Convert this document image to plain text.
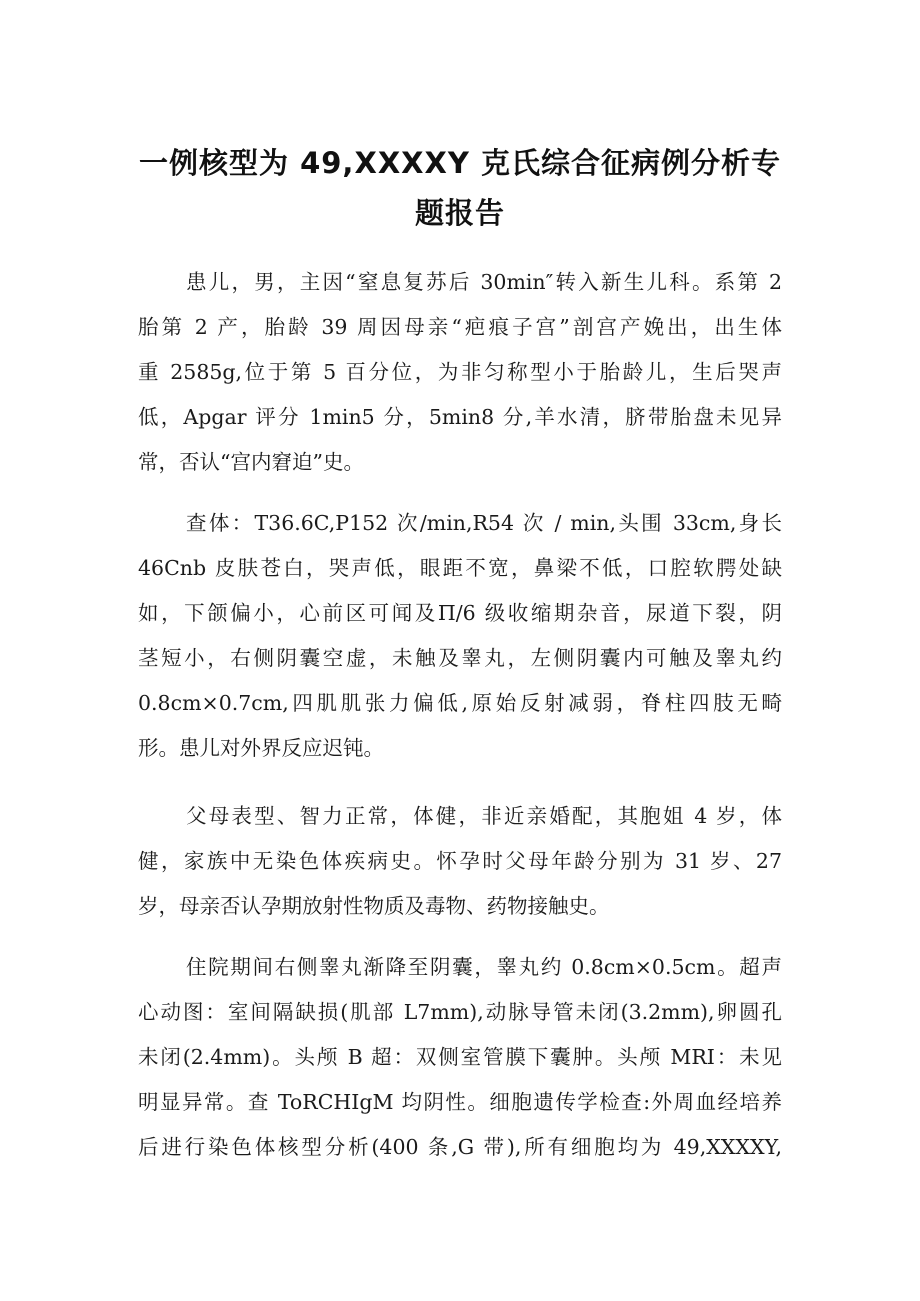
一例核型为 49,XXXXY 克氏综合征病例分析专
题报告
患儿，男，主因“窒息复苏后 30min″转入新生儿科。系第 2
胎第 2 产，胎龄 39 周因母亲“疤痕子宫”剖宫产娩出，出生体
重 2585g,位于第 5 百分位，为非匀称型小于胎龄儿，生后哭声
低，Apgar 评分 1min5 分，5min8 分,羊水清，脐带胎盘未见异
常，否认“宫内窘迫”史。
查体：T36.6C,P152 次/min,R54 次 / min,头围 33cm,身长
46Cnb 皮肤苍白，哭声低，眼距不宽，鼻梁不低，口腔软腭处缺
如，下颌偏小，心前区可闻及Π/6 级收缩期杂音，尿道下裂，阴
茎短小，右侧阴囊空虚，未触及睾丸，左侧阴囊内可触及睾丸约
0.8cm×0.7cm,四肌肌张力偏低,原始反射减弱，脊柱四肢无畸
形。患儿对外界反应迟钝。
父母表型、智力正常，体健，非近亲婚配，其胞姐 4 岁，体
健，家族中无染色体疾病史。怀孕时父母年龄分别为 31 岁、27
岁，母亲否认孕期放射性物质及毒物、药物接触史。
住院期间右侧睾丸渐降至阴囊，睾丸约 0.8cm×0.5cm。超声
心动图：室间隔缺损(肌部 L7mm),动脉导管未闭(3.2mm),卵圆孔
未闭(2.4mm)。头颅 B 超：双侧室管膜下囊肿。头颅 MRI：未见
明显异常。查 ToRCHIgM 均阴性。细胞遗传学检查:外周血经培养
后进行染色体核型分析(400 条,G 带),所有细胞均为 49,XXXXY,
